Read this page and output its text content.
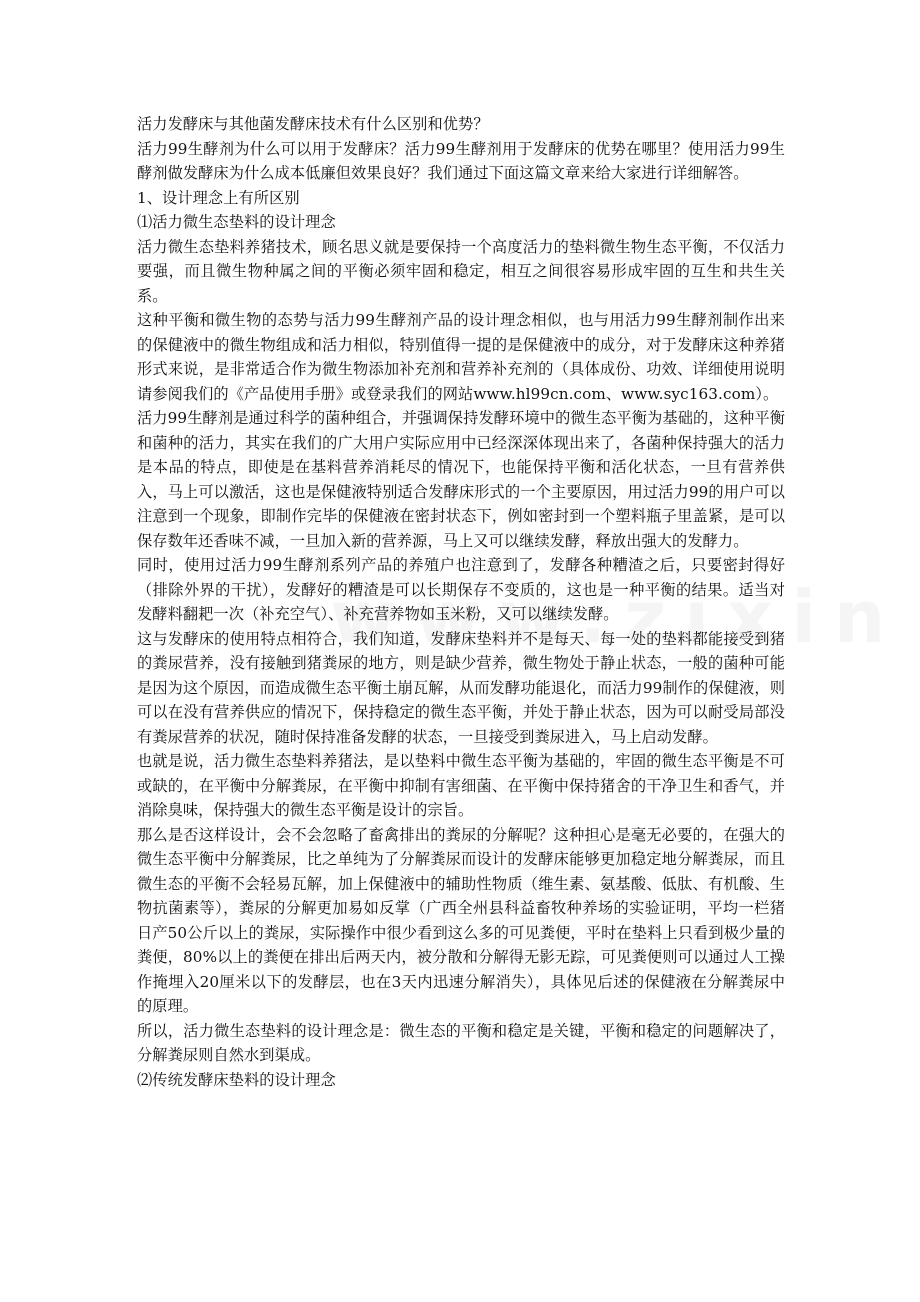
活力发酵床与其他菌发酵床技术有什么区别和优势？

活力99生酵剂为什么可以用于发酵床？活力99生酵剂用于发酵床的优势在哪里？使用活力99生酵剂做发酵床为什么成本低廉但效果良好？我们通过下面这篇文章来给大家进行详细解答。

1、设计理念上有所区别

⑴活力微生态垫料的设计理念

活力微生态垫料养猪技术，顾名思义就是要保持一个高度活力的垫料微生物生态平衡，不仅活力要强，而且微生物种属之间的平衡必须牢固和稳定，相互之间很容易形成牢固的互生和共生关系。

这种平衡和微生物的态势与活力99生酵剂产品的设计理念相似，也与用活力99生酵剂制作出来的保健液中的微生物组成和活力相似，特别值得一提的是保健液中的成分，对于发酵床这种养猪形式来说，是非常适合作为微生物添加补充剂和营养补充剂的（具体成份、功效、详细使用说明请参阅我们的《产品使用手册》或登录我们的网站www.hl99cn.com、www.syc163.com）。

活力99生酵剂是通过科学的菌种组合，并强调保持发酵环境中的微生态平衡为基础的，这种平衡和菌种的活力，其实在我们的广大用户实际应用中已经深深体现出来了，各菌种保持强大的活力是本品的特点，即使是在基料营养消耗尽的情况下，也能保持平衡和活化状态，一旦有营养供入，马上可以激活，这也是保健液特别适合发酵床形式的一个主要原因，用过活力99的用户可以注意到一个现象，即制作完毕的保健液在密封状态下，例如密封到一个塑料瓶子里盖紧，是可以保存数年还香味不减，一旦加入新的营养源，马上又可以继续发酵，释放出强大的发酵力。

同时，使用过活力99生酵剂系列产品的养殖户也注意到了，发酵各种糟渣之后，只要密封得好（排除外界的干扰），发酵好的糟渣是可以长期保存不变质的，这也是一种平衡的结果。适当对发酵料翻耙一次（补充空气）、补充营养物如玉米粉，又可以继续发酵。

这与发酵床的使用特点相符合，我们知道，发酵床垫料并不是每天、每一处的垫料都能接受到猪的粪尿营养，没有接触到猪粪尿的地方，则是缺少营养，微生物处于静止状态，一般的菌种可能是因为这个原因，而造成微生态平衡土崩瓦解，从而发酵功能退化，而活力99制作的保健液，则可以在没有营养供应的情况下，保持稳定的微生态平衡，并处于静止状态，因为可以耐受局部没有粪尿营养的状况，随时保持准备发酵的状态，一旦接受到粪尿进入，马上启动发酵。

也就是说，活力微生态垫料养猪法，是以垫料中微生态平衡为基础的，牢固的微生态平衡是不可或缺的，在平衡中分解粪尿，在平衡中抑制有害细菌、在平衡中保持猪舍的干净卫生和香气，并消除臭味，保持强大的微生态平衡是设计的宗旨。

那么是否这样设计，会不会忽略了畜禽排出的粪尿的分解呢？这种担心是毫无必要的，在强大的微生态平衡中分解粪尿，比之单纯为了分解粪尿而设计的发酵床能够更加稳定地分解粪尿，而且微生态的平衡不会轻易瓦解，加上保健液中的辅助性物质（维生素、氨基酸、低肽、有机酸、生物抗菌素等），粪尿的分解更加易如反掌（广西全州县科益畜牧种养场的实验证明，平均一栏猪日产50公斤以上的粪尿，实际操作中很少看到这么多的可见粪便，平时在垫料上只看到极少量的粪便，80%以上的粪便在排出后两天内，被分散和分解得无影无踪，可见粪便则可以通过人工操作掩埋入20厘米以下的发酵层，也在3天内迅速分解消失），具体见后述的保健液在分解粪尿中的原理。

所以，活力微生态垫料的设计理念是：微生态的平衡和稳定是关键，平衡和稳定的问题解决了，分解粪尿则自然水到渠成。

⑵传统发酵床垫料的设计理念
